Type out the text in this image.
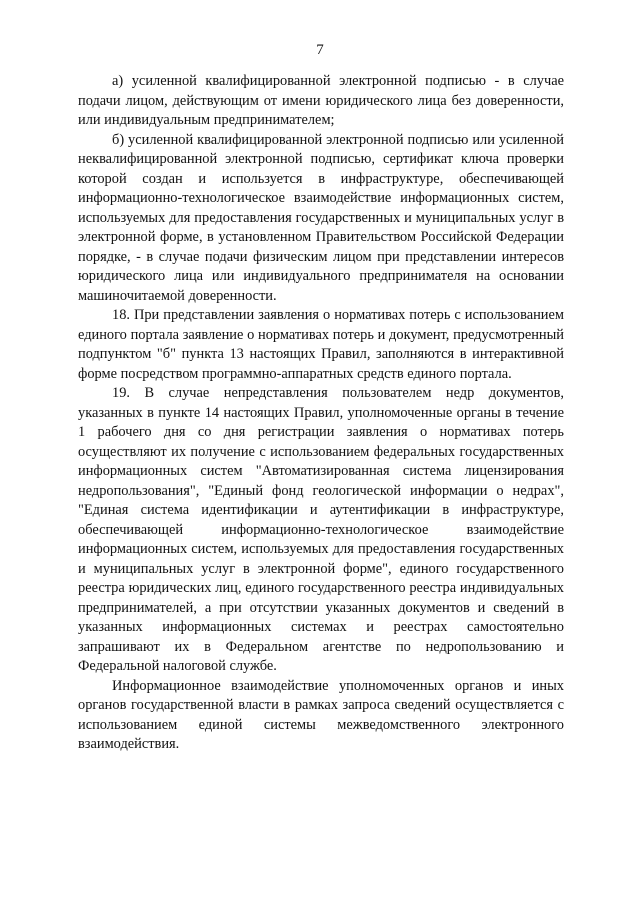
7

а) усиленной квалифицированной электронной подписью - в случае подачи лицом, действующим от имени юридического лица без доверенности, или индивидуальным предпринимателем;

б) усиленной квалифицированной электронной подписью или усиленной неквалифицированной электронной подписью, сертификат ключа проверки которой создан и используется в инфраструктуре, обеспечивающей информационно-технологическое взаимодействие информационных систем, используемых для предоставления государственных и муниципальных услуг в электронной форме, в установленном Правительством Российской Федерации порядке, - в случае подачи физическим лицом при представлении интересов юридического лица или индивидуального предпринимателя на основании машиночитаемой доверенности.

18. При представлении заявления о нормативах потерь с использованием единого портала заявление о нормативах потерь и документ, предусмотренный подпунктом "б" пункта 13 настоящих Правил, заполняются в интерактивной форме посредством программно-аппаратных средств единого портала.

19. В случае непредставления пользователем недр документов, указанных в пункте 14 настоящих Правил, уполномоченные органы в течение 1 рабочего дня со дня регистрации заявления о нормативах потерь осуществляют их получение с использованием федеральных государственных информационных систем "Автоматизированная система лицензирования недропользования", "Единый фонд геологической информации о недрах", "Единая система идентификации и аутентификации в инфраструктуре, обеспечивающей информационно-технологическое взаимодействие информационных систем, используемых для предоставления государственных и муниципальных услуг в электронной форме", единого государственного реестра юридических лиц, единого государственного реестра индивидуальных предпринимателей, а при отсутствии указанных документов и сведений в указанных информационных системах и реестрах самостоятельно запрашивают их в Федеральном агентстве по недропользованию и Федеральной налоговой службе.

Информационное взаимодействие уполномоченных органов и иных органов государственной власти в рамках запроса сведений осуществляется с использованием единой системы межведомственного электронного взаимодействия.
